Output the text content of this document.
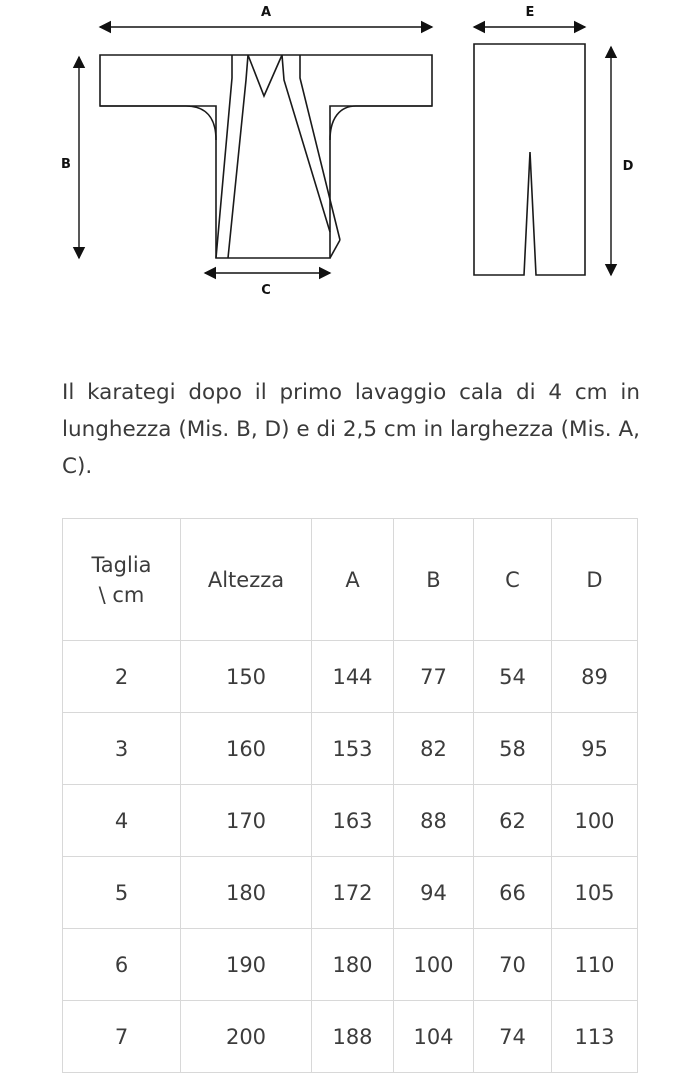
A
B
C
E
D

Il karategi dopo il primo lavaggio cala di 4 cm in lunghezza (Mis. B, D) e di 2,5 cm in larghezza (Mis. A, C).

Taglia
\ cm	Altezza	A	B	C	D
2	150	144	77	54	89
3	160	153	82	58	95
4	170	163	88	62	100
5	180	172	94	66	105
6	190	180	100	70	110
7	200	188	104	74	113
